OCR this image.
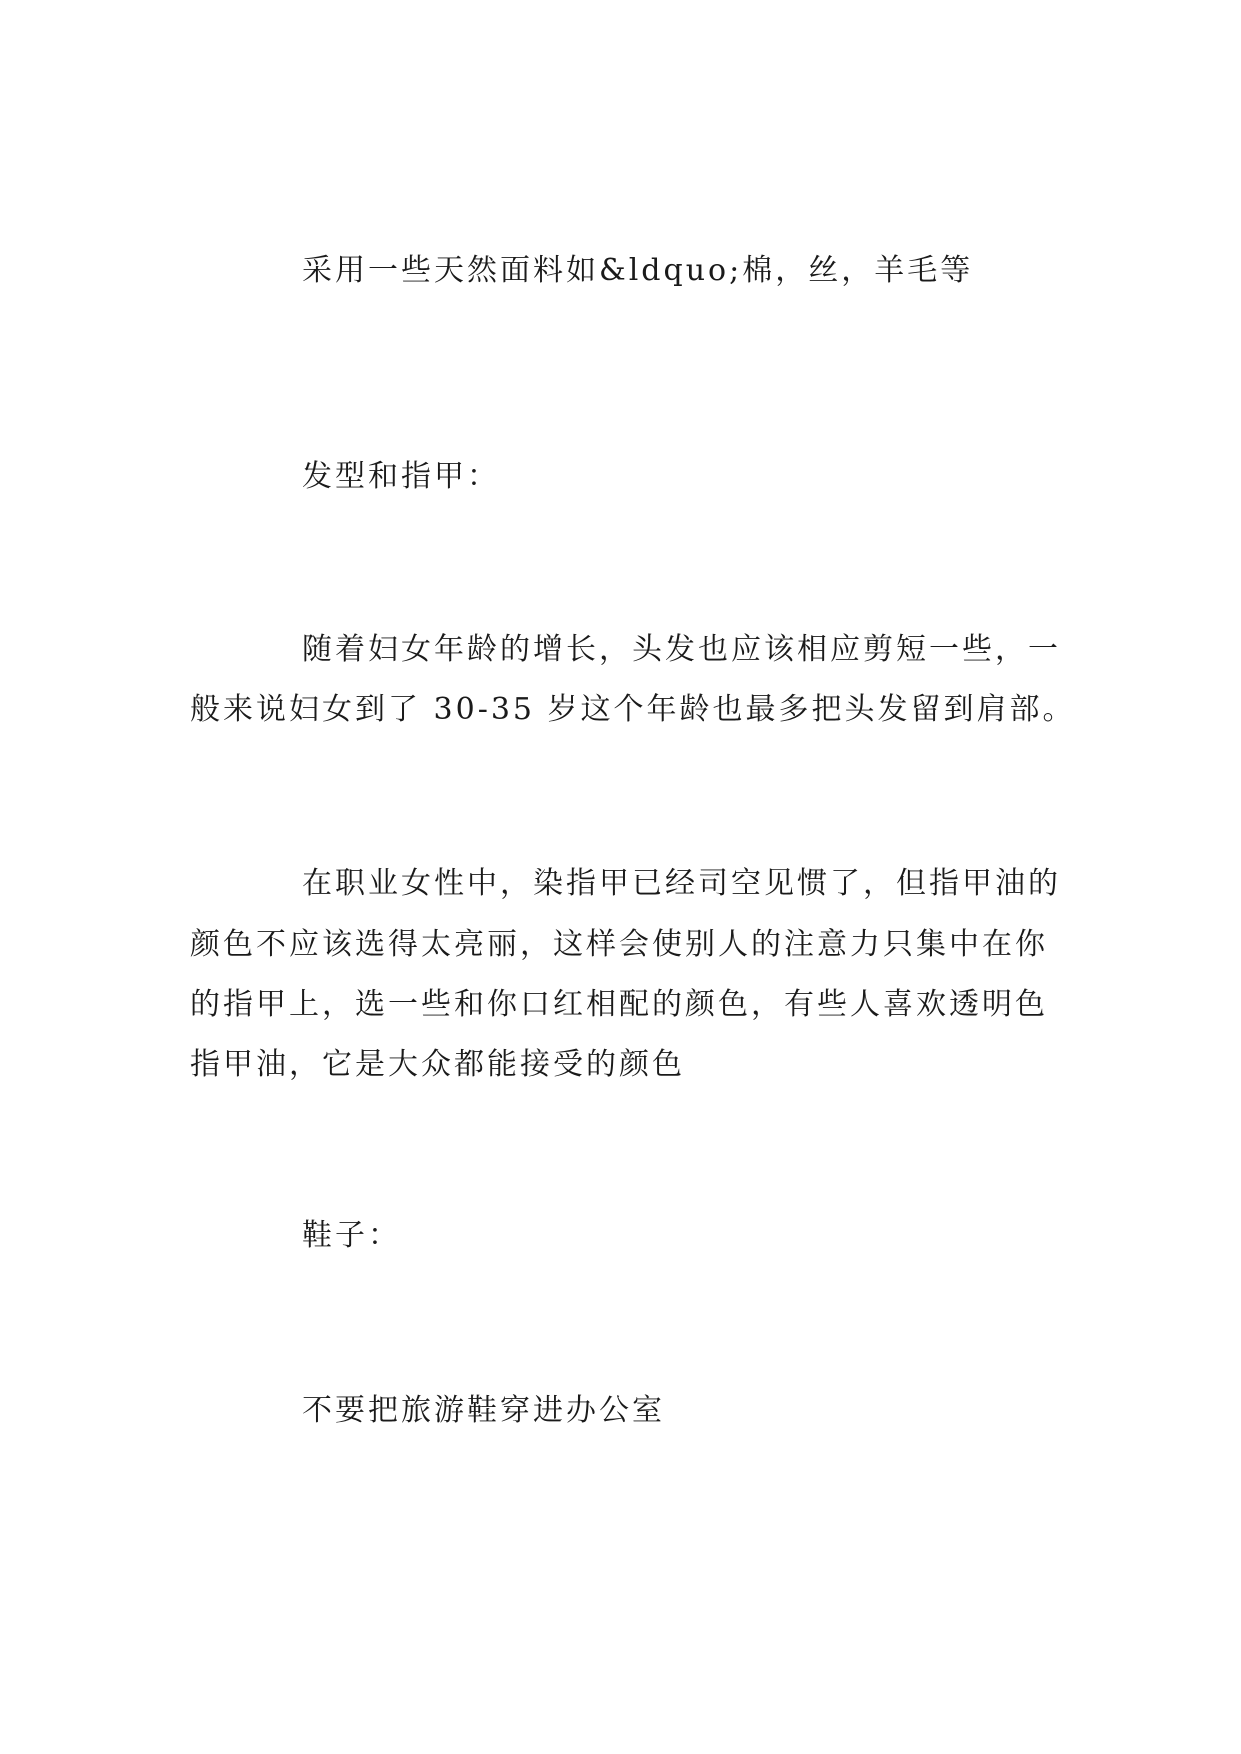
采用一些天然面料如&ldquo;棉，丝，羊毛等
发型和指甲：
随着妇女年龄的增长，头发也应该相应剪短一些，一
般来说妇女到了 30-35 岁这个年龄也最多把头发留到肩部。
在职业女性中，染指甲已经司空见惯了，但指甲油的
颜色不应该选得太亮丽，这样会使别人的注意力只集中在你
的指甲上，选一些和你口红相配的颜色，有些人喜欢透明色
指甲油，它是大众都能接受的颜色
鞋子：
不要把旅游鞋穿进办公室
